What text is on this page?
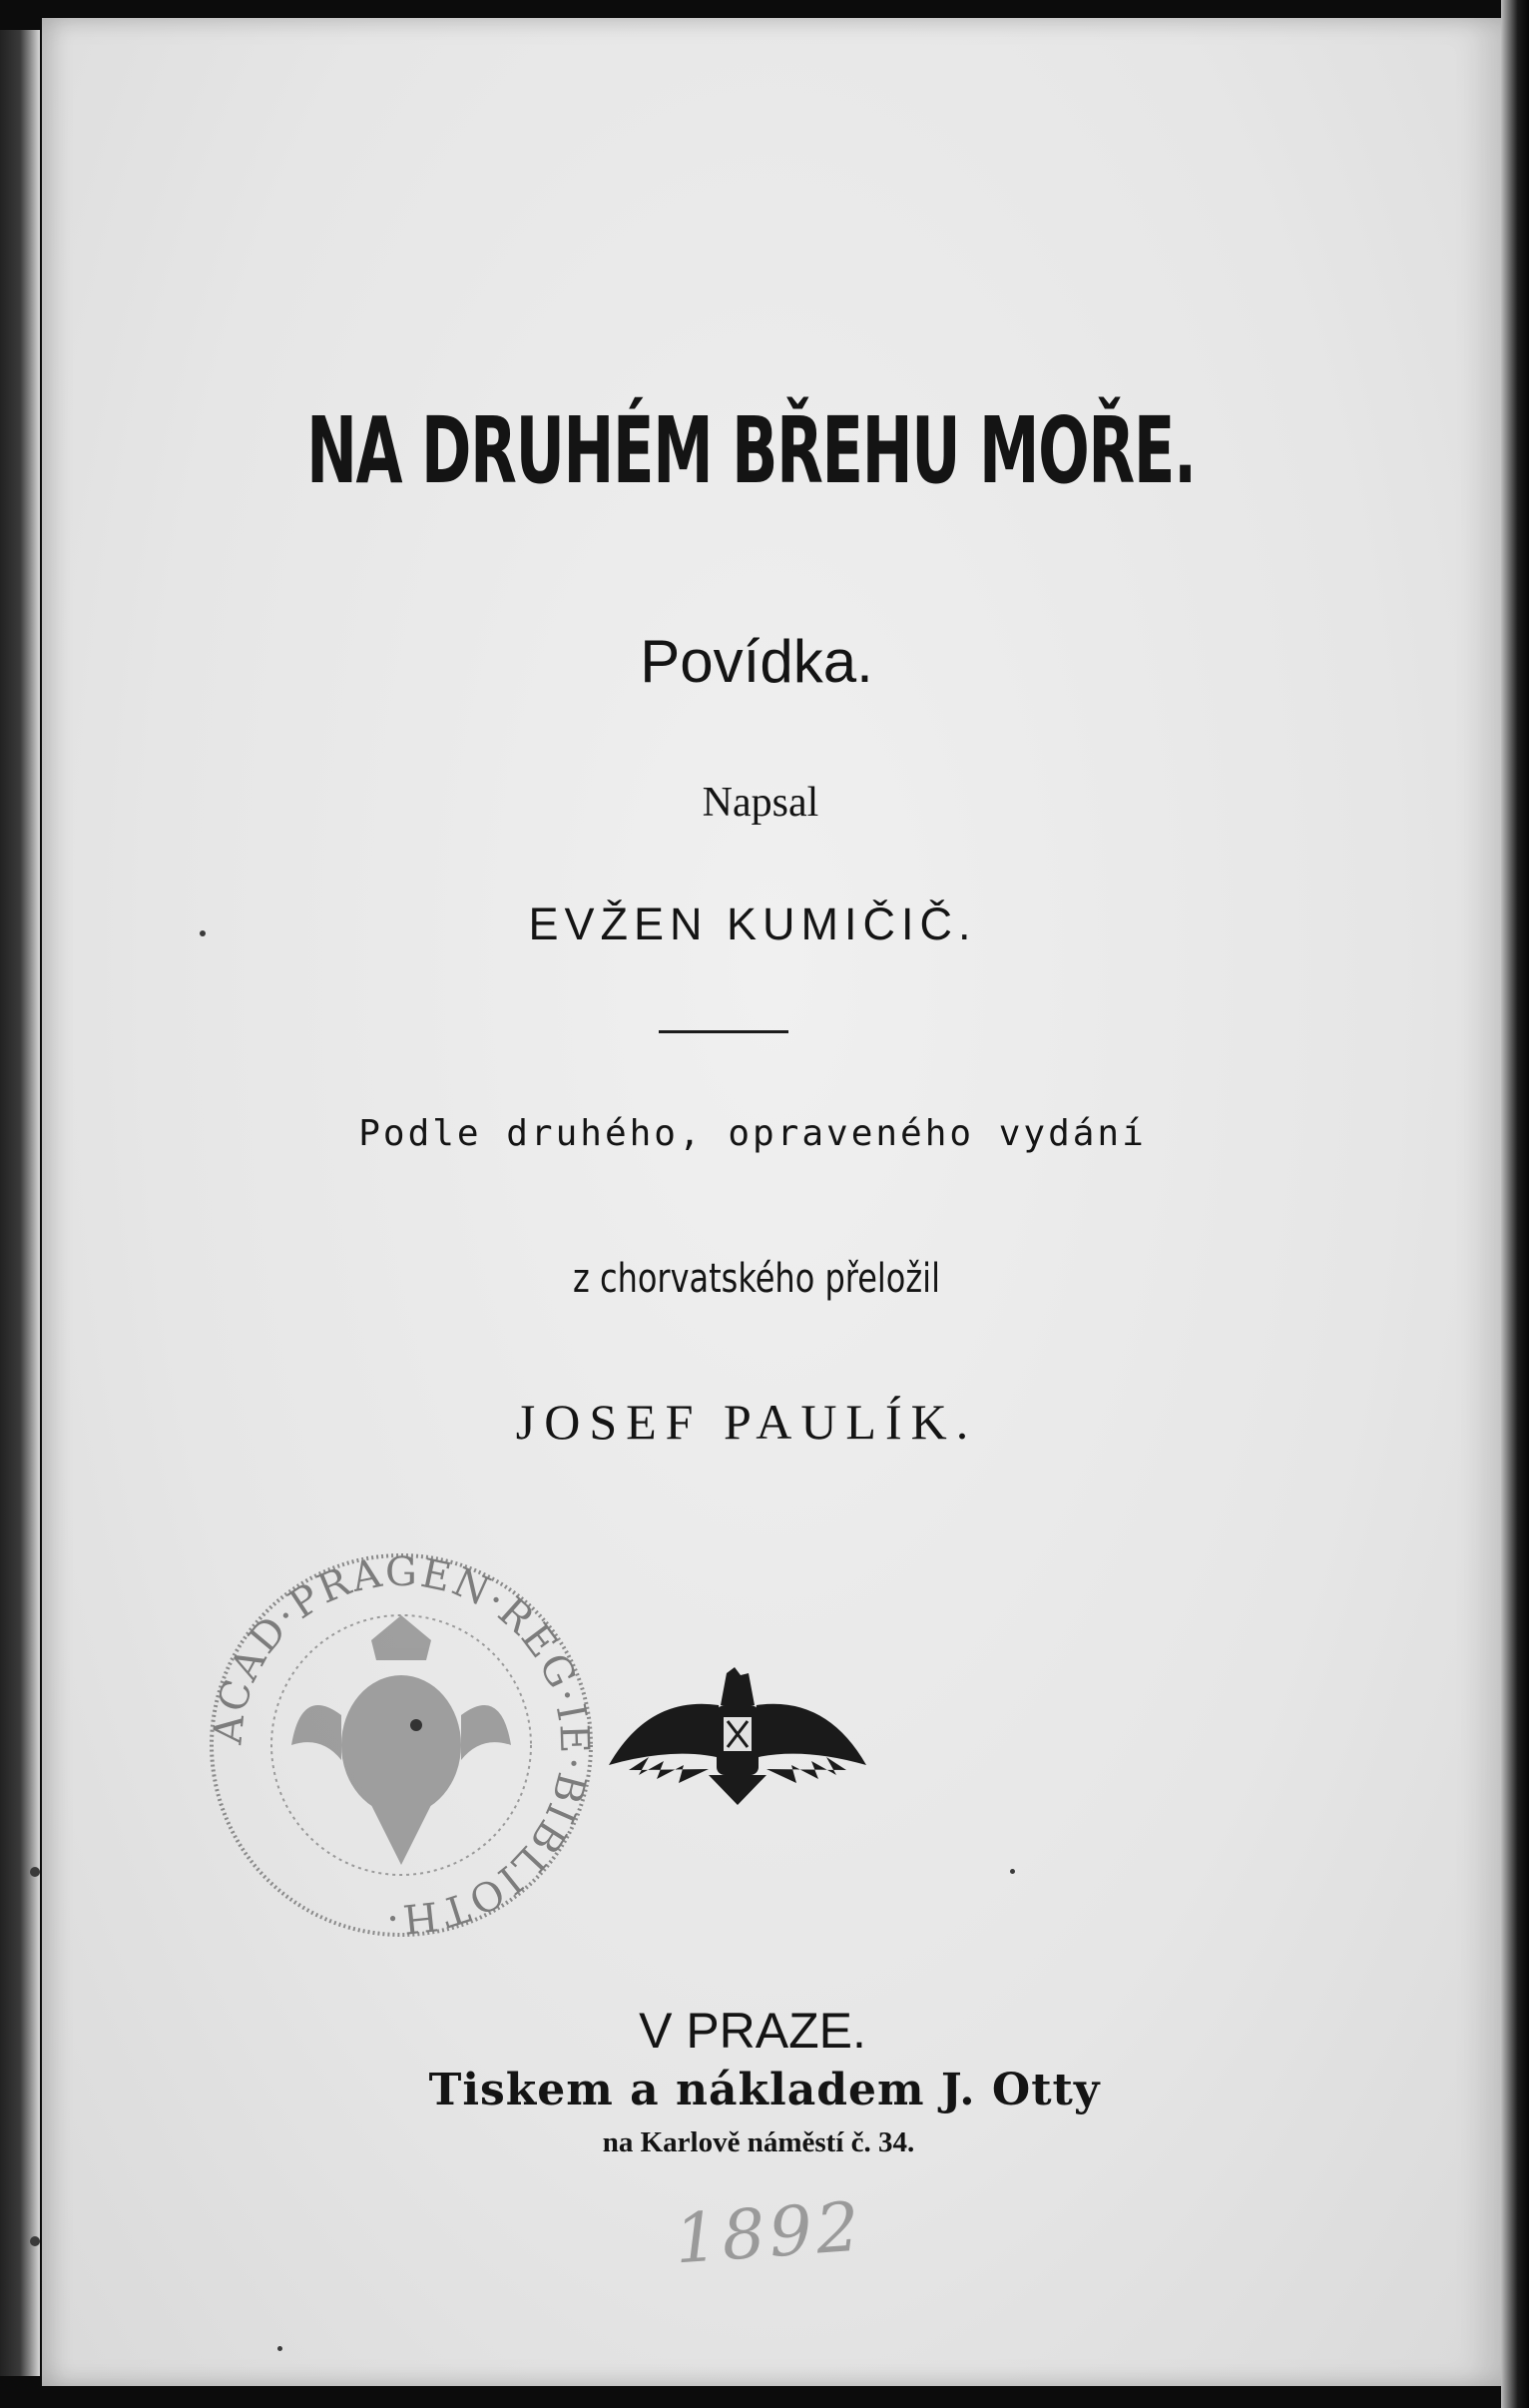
NA DRUHÉM BŘEHU MOŘE.
Povídka.
Napsal
EVŽEN KUMIČIČ.
Podle druhého, opraveného vydání
z chorvatského přeložil
JOSEF PAULÍK.
ACAD·PRAGEN·REG·IE·BIBLIOTH·
V PRAZE.
Tiskem a nákladem J. Otty
na Karlově náměstí č. 34.
1892
